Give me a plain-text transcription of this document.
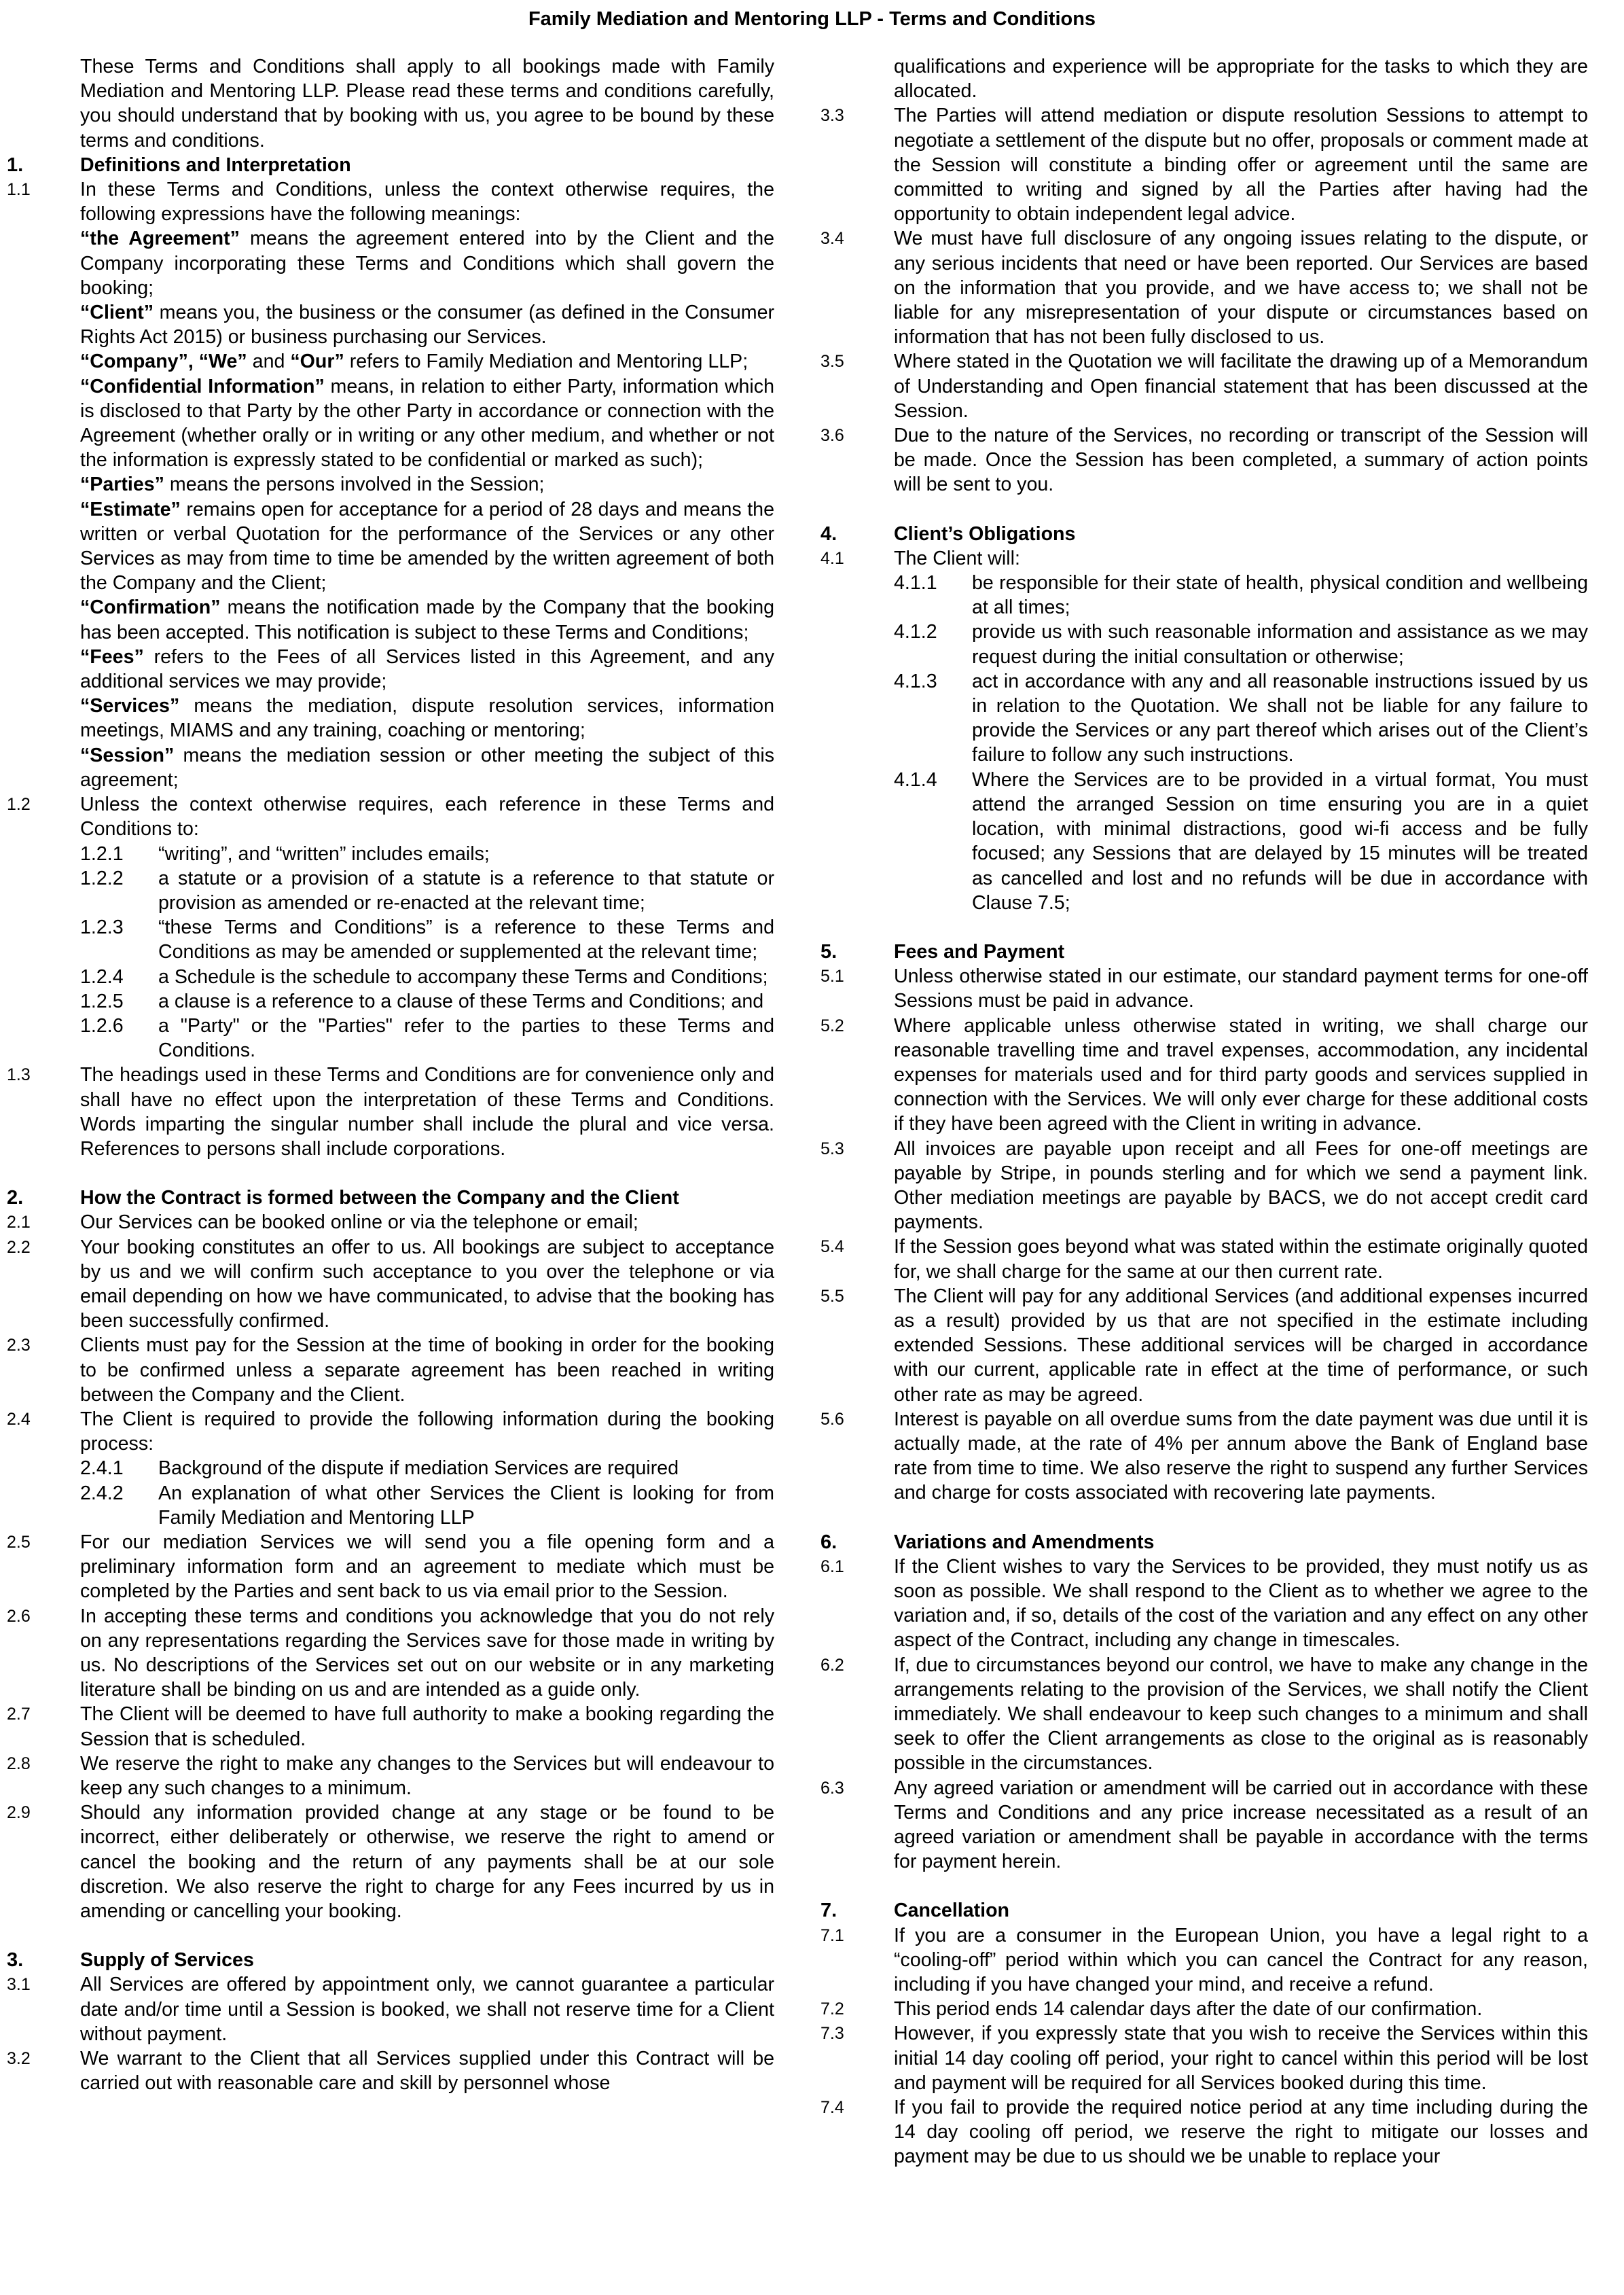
Family Mediation and Mentoring LLP - Terms and Conditions

These Terms and Conditions shall apply to all bookings made with Family Mediation and Mentoring LLP. Please read these terms and conditions carefully, you should understand that by booking with us, you agree to be bound by these terms and conditions.

1.	Definitions and Interpretation
1.1	In these Terms and Conditions, unless the context otherwise requires, the following expressions have the following meanings:
“the Agreement” means the agreement entered into by the Client and the Company incorporating these Terms and Conditions which shall govern the booking;
“Client” means you, the business or the consumer (as defined in the Consumer Rights Act 2015) or business purchasing our Services.
“Company”, “We” and “Our” refers to Family Mediation and Mentoring LLP;
“Confidential Information” means, in relation to either Party, information which is disclosed to that Party by the other Party in accordance or connection with the Agreement (whether orally or in writing or any other medium, and whether or not the information is expressly stated to be confidential or marked as such);
“Parties” means the persons involved in the Session;
“Estimate” remains open for acceptance for a period of 28 days and means the written or verbal Quotation for the performance of the Services or any other Services as may from time to time be amended by the written agreement of both the Company and the Client;
“Confirmation” means the notification made by the Company that the booking has been accepted. This notification is subject to these Terms and Conditions;
“Fees” refers to the Fees of all Services listed in this Agreement, and any additional services we may provide;
“Services” means the mediation, dispute resolution services, information meetings, MIAMS and any training, coaching or mentoring;
“Session” means the mediation session or other meeting the subject of this agreement;
1.2	Unless the context otherwise requires, each reference in these Terms and Conditions to:
1.2.1	“writing”, and “written” includes emails;
1.2.2	a statute or a provision of a statute is a reference to that statute or provision as amended or re-enacted at the relevant time;
1.2.3	“these Terms and Conditions” is a reference to these Terms and Conditions as may be amended or supplemented at the relevant time;
1.2.4	a Schedule is the schedule to accompany these Terms and Conditions;
1.2.5	a clause is a reference to a clause of these Terms and Conditions; and
1.2.6	a "Party" or the "Parties" refer to the parties to these Terms and Conditions.
1.3	The headings used in these Terms and Conditions are for convenience only and shall have no effect upon the interpretation of these Terms and Conditions. Words imparting the singular number shall include the plural and vice versa. References to persons shall include corporations.
2.	How the Contract is formed between the Company and the Client
2.1	Our Services can be booked online or via the telephone or email;
2.2	Your booking constitutes an offer to us. All bookings are subject to acceptance by us and we will confirm such acceptance to you over the telephone or via email depending on how we have communicated, to advise that the booking has been successfully confirmed.
2.3	Clients must pay for the Session at the time of booking in order for the booking to be confirmed unless a separate agreement has been reached in writing between the Company and the Client.
2.4	The Client is required to provide the following information during the booking process:
2.4.1	Background of the dispute if mediation Services are required
2.4.2	An explanation of what other Services the Client is looking for from Family Mediation and Mentoring LLP
2.5	For our mediation Services we will send you a file opening form and a preliminary information form and an agreement to mediate which must be completed by the Parties and sent back to us via email prior to the Session.
2.6	In accepting these terms and conditions you acknowledge that you do not rely on any representations regarding the Services save for those made in writing by us. No descriptions of the Services set out on our website or in any marketing literature shall be binding on us and are intended as a guide only.
2.7	The Client will be deemed to have full authority to make a booking regarding the Session that is scheduled.
2.8	We reserve the right to make any changes to the Services but will endeavour to keep any such changes to a minimum.
2.9	Should any information provided change at any stage or be found to be incorrect, either deliberately or otherwise, we reserve the right to amend or cancel the booking and the return of any payments shall be at our sole discretion. We also reserve the right to charge for any Fees incurred by us in amending or cancelling your booking.
3.	Supply of Services
3.1	All Services are offered by appointment only, we cannot guarantee a particular date and/or time until a Session is booked, we shall not reserve time for a Client without payment.
3.2	We warrant to the Client that all Services supplied under this Contract will be carried out with reasonable care and skill by personnel whose

qualifications and experience will be appropriate for the tasks to which they are allocated.

3.3	The Parties will attend mediation or dispute resolution Sessions to attempt to negotiate a settlement of the dispute but no offer, proposals or comment made at the Session will constitute a binding offer or agreement until the same are committed to writing and signed by all the Parties after having had the opportunity to obtain independent legal advice.
3.4	We must have full disclosure of any ongoing issues relating to the dispute, or any serious incidents that need or have been reported. Our Services are based on the information that you provide, and we have access to; we shall not be liable for any misrepresentation of your dispute or circumstances based on information that has not been fully disclosed to us.
3.5	Where stated in the Quotation we will facilitate the drawing up of a Memorandum of Understanding and Open financial statement that has been discussed at the Session.
3.6	Due to the nature of the Services, no recording or transcript of the Session will be made. Once the Session has been completed, a summary of action points will be sent to you.
4.	Client’s Obligations
4.1	The Client will:
4.1.1	be responsible for their state of health, physical condition and wellbeing at all times;
4.1.2	provide us with such reasonable information and assistance as we may request during the initial consultation or otherwise;
4.1.3	act in accordance with any and all reasonable instructions issued by us in relation to the Quotation. We shall not be liable for any failure to provide the Services or any part thereof which arises out of the Client’s failure to follow any such instructions.
4.1.4	Where the Services are to be provided in a virtual format, You must attend the arranged Session on time ensuring you are in a quiet location, with minimal distractions, good wi-fi access and be fully focused; any Sessions that are delayed by 15 minutes will be treated as cancelled and lost and no refunds will be due in accordance with Clause 7.5;
5.	Fees and Payment
5.1	Unless otherwise stated in our estimate, our standard payment terms for one-off Sessions must be paid in advance.
5.2	Where applicable unless otherwise stated in writing, we shall charge our reasonable travelling time and travel expenses, accommodation, any incidental expenses for materials used and for third party goods and services supplied in connection with the Services. We will only ever charge for these additional costs if they have been agreed with the Client in writing in advance.
5.3	All invoices are payable upon receipt and all Fees for one-off meetings are payable by Stripe, in pounds sterling and for which we send a payment link. Other mediation meetings are payable by BACS, we do not accept credit card payments.
5.4	If the Session goes beyond what was stated within the estimate originally quoted for, we shall charge for the same at our then current rate.
5.5	The Client will pay for any additional Services (and additional expenses incurred as a result) provided by us that are not specified in the estimate including extended Sessions. These additional services will be charged in accordance with our current, applicable rate in effect at the time of performance, or such other rate as may be agreed.
5.6	Interest is payable on all overdue sums from the date payment was due until it is actually made, at the rate of 4% per annum above the Bank of England base rate from time to time. We also reserve the right to suspend any further Services and charge for costs associated with recovering late payments.
6.	Variations and Amendments
6.1	If the Client wishes to vary the Services to be provided, they must notify us as soon as possible. We shall respond to the Client as to whether we agree to the variation and, if so, details of the cost of the variation and any effect on any other aspect of the Contract, including any change in timescales.
6.2	If, due to circumstances beyond our control, we have to make any change in the arrangements relating to the provision of the Services, we shall notify the Client immediately. We shall endeavour to keep such changes to a minimum and shall seek to offer the Client arrangements as close to the original as is reasonably possible in the circumstances.
6.3	Any agreed variation or amendment will be carried out in accordance with these Terms and Conditions and any price increase necessitated as a result of an agreed variation or amendment shall be payable in accordance with the terms for payment herein.
7.	Cancellation
7.1	If you are a consumer in the European Union, you have a legal right to a “cooling-off” period within which you can cancel the Contract for any reason, including if you have changed your mind, and receive a refund.
7.2	This period ends 14 calendar days after the date of our confirmation.
7.3	However, if you expressly state that you wish to receive the Services within this initial 14 day cooling off period, your right to cancel within this period will be lost and payment will be required for all Services booked during this time.
7.4	If you fail to provide the required notice period at any time including during the 14 day cooling off period, we reserve the right to mitigate our losses and payment may be due to us should we be unable to replace your
